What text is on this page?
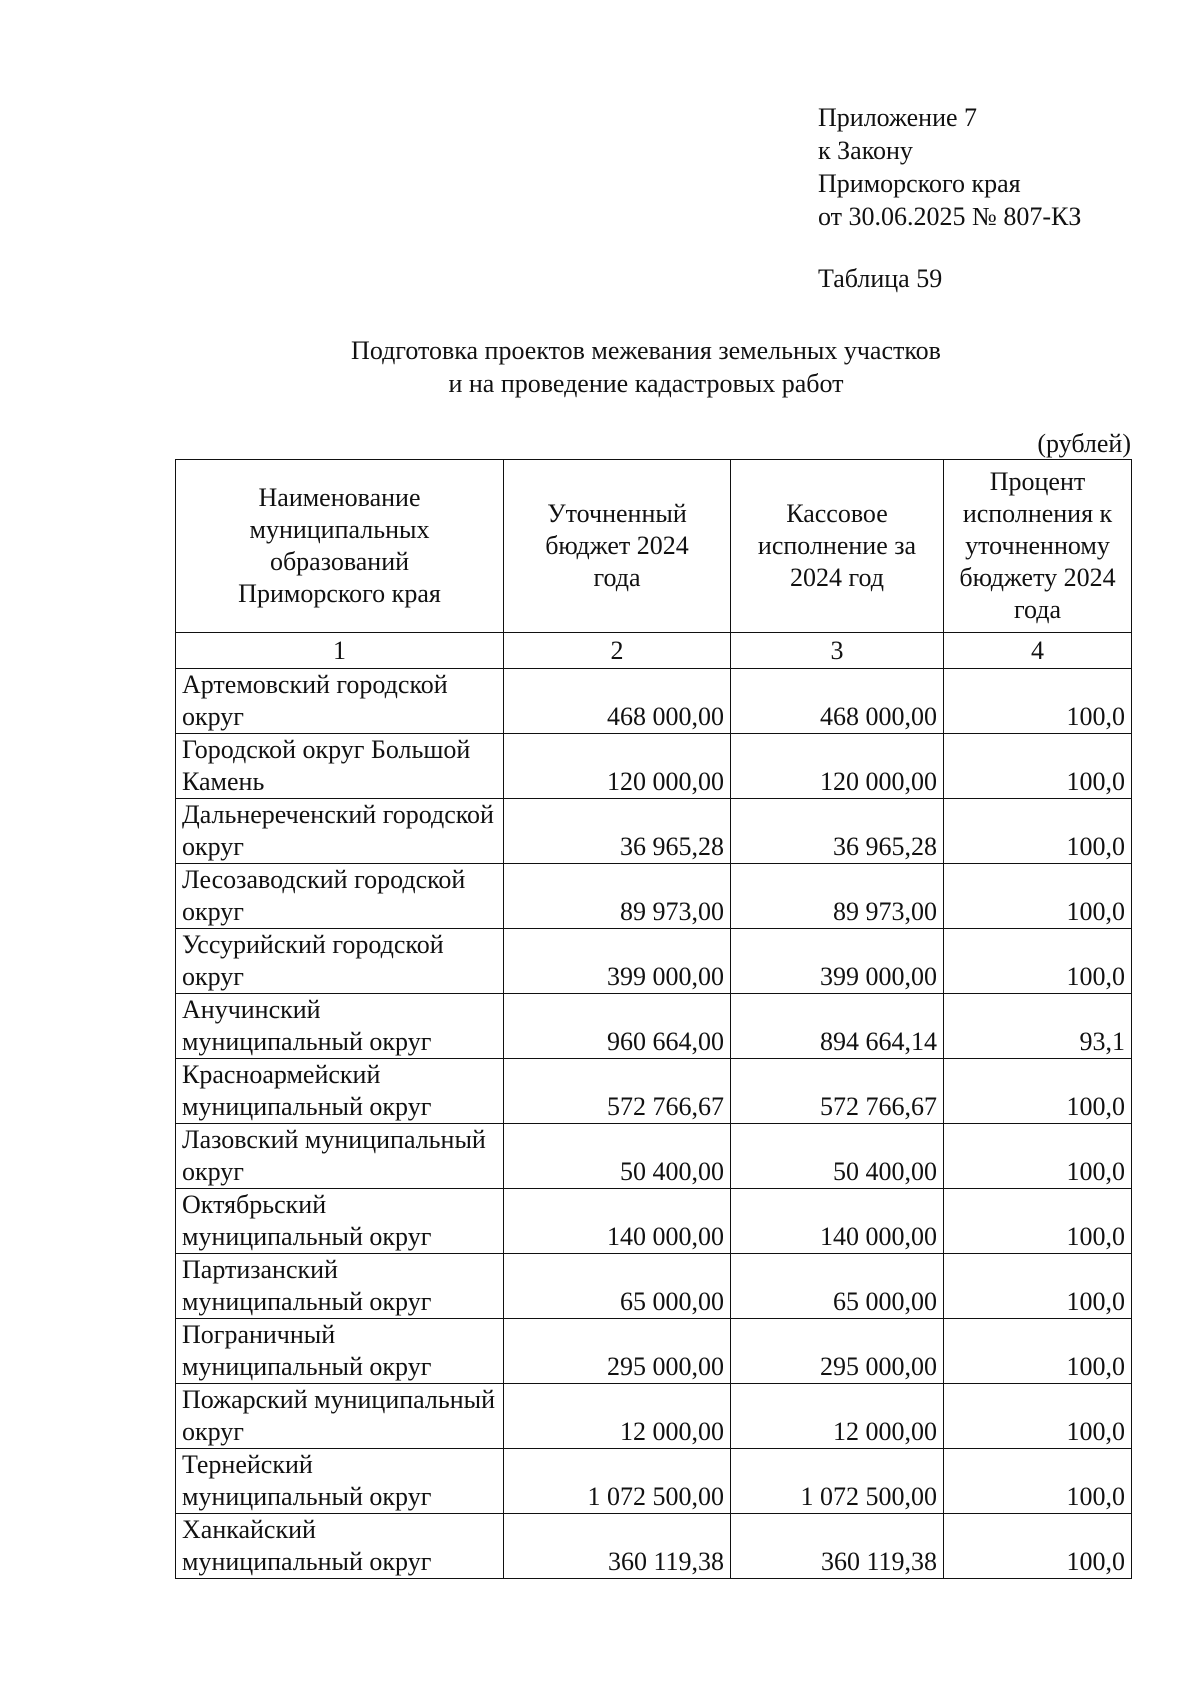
Приложение 7
к Закону
Приморского края
от 30.06.2025 № 807-КЗ
Таблица 59
Подготовка проектов межевания земельных участков
и на проведение кадастровых работ
(рублей)
Наименование муниципальных образований Приморского края	Уточненный бюджет 2024 года	Кассовое исполнение за 2024 год	Процент исполнения к уточненному бюджету 2024 года
1	2	3	4
Артемовский городской округ	468 000,00	468 000,00	100,0
Городской округ Большой Камень	120 000,00	120 000,00	100,0
Дальнереченский городской округ	36 965,28	36 965,28	100,0
Лесозаводский городской округ	89 973,00	89 973,00	100,0
Уссурийский городской округ	399 000,00	399 000,00	100,0
Анучинский муниципальный округ	960 664,00	894 664,14	93,1
Красноармейский муниципальный округ	572 766,67	572 766,67	100,0
Лазовский муниципальный округ	50 400,00	50 400,00	100,0
Октябрьский муниципальный округ	140 000,00	140 000,00	100,0
Партизанский муниципальный округ	65 000,00	65 000,00	100,0
Пограничный муниципальный округ	295 000,00	295 000,00	100,0
Пожарский муниципальный округ	12 000,00	12 000,00	100,0
Тернейский муниципальный округ	1 072 500,00	1 072 500,00	100,0
Ханкайский муниципальный округ	360 119,38	360 119,38	100,0
